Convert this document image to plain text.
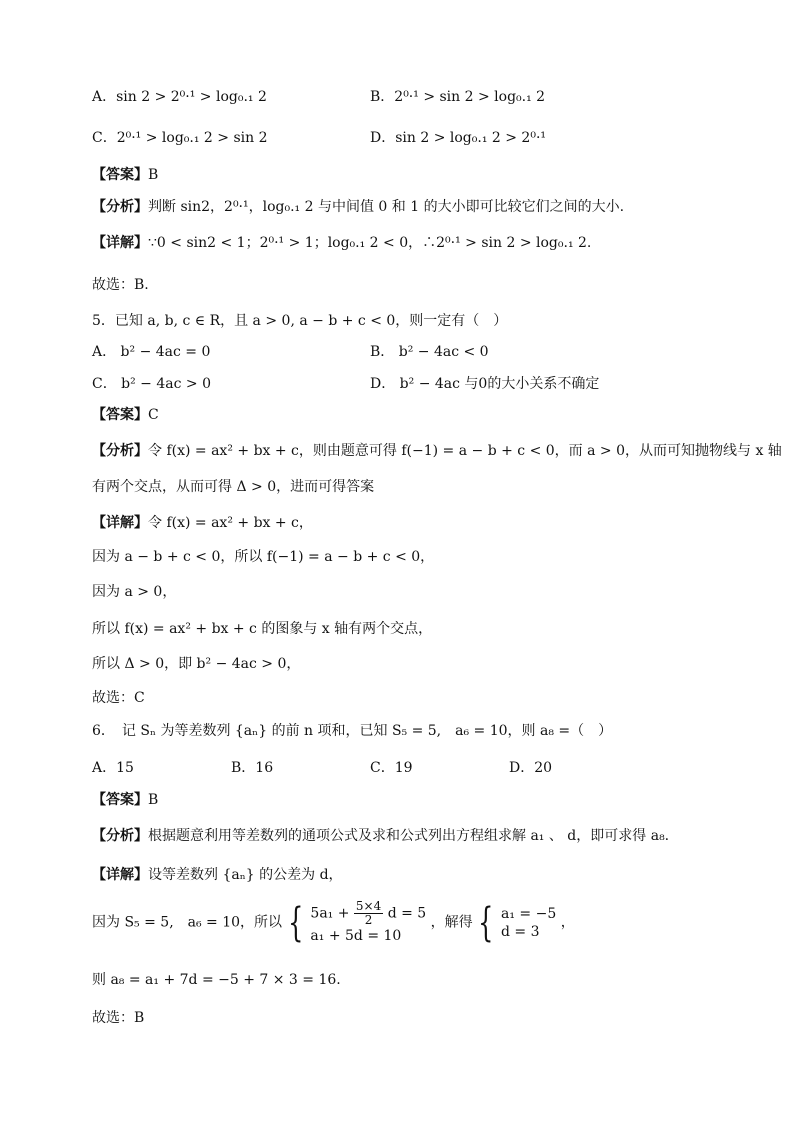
A．sin 2 > 2⁰·¹ > log₀.₁ 2	B．2⁰·¹ > sin 2 > log₀.₁ 2
C．2⁰·¹ > log₀.₁ 2 > sin 2	D．sin 2 > log₀.₁ 2 > 2⁰·¹
【答案】B
【分析】判断 sin2，2⁰·¹，log₀.₁ 2 与中间值 0 和 1 的大小即可比较它们之间的大小.
【详解】∵0 < sin2 < 1；2⁰·¹ > 1；log₀.₁ 2 < 0，∴2⁰·¹ > sin 2 > log₀.₁ 2.
故选：B.
5．已知 a, b, c ∈ R，且 a > 0, a − b + c < 0，则一定有（　）
A． b² − 4ac = 0	B． b² − 4ac < 0
C． b² − 4ac > 0	D． b² − 4ac 与0的大小关系不确定
【答案】C
【分析】令 f(x) = ax² + bx + c，则由题意可得 f(−1) = a − b + c < 0，而 a > 0，从而可知抛物线与 x 轴
有两个交点，从而可得 Δ > 0，进而可得答案
【详解】令 f(x) = ax² + bx + c，
因为 a − b + c < 0，所以 f(−1) = a − b + c < 0，
因为 a > 0，
所以 f(x) = ax² + bx + c 的图象与 x 轴有两个交点，
所以 Δ > 0，即 b² − 4ac > 0，
故选：C
6．　记 Sₙ 为等差数列 {aₙ} 的前 n 项和，已知 S₅ = 5,　a₆ = 10，则 a₈ =（　）
A．15	B．16	C．19	D．20
【答案】B
【分析】根据题意利用等差数列的通项公式及求和公式列出方程组求解 a₁ 、 d，即可求得 a₈.
【详解】设等差数列 {aₙ} 的公差为 d，
因为 S₅ = 5,　a₆ = 10，所以 { $5a_1 + \frac{5\times 4}{2}$ d = 5
a₁ + 5d = 10
，解得 { a₁ = −5
d = 3
，
则 a₈ = a₁ + 7d = −5 + 7 × 3 = 16.
故选：B
